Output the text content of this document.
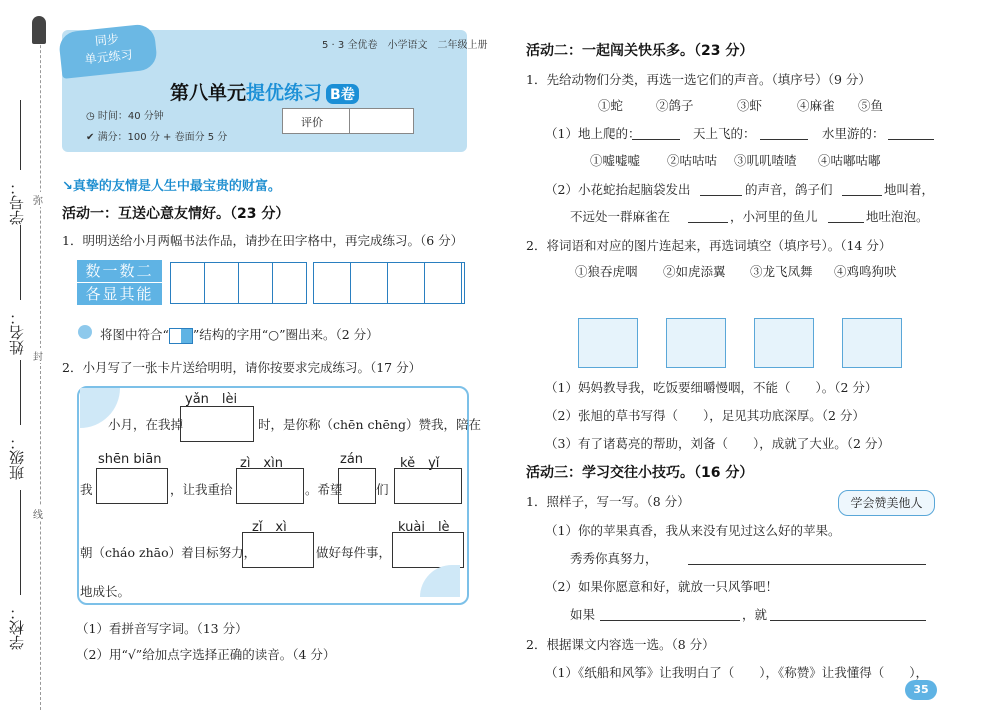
学号：
姓名：
班级：
学校：
弥
封
线
同步
单元练习
5 · 3 全优卷　小学语文　二年级上册
第八单元提优练习 B卷
◷ 时间：40 分钟
✔ 满分：100 分 + 卷面分 5 分
评价
↘真挚的友情是人生中最宝贵的财富。
活动一：互送心意友情好。（23 分）
1．明明送给小月两幅书法作品，请抄在田字格中，再完成练习。（6 分）
数一数二
各显其能
将图中符合“ ”结构的字用“○”圈出来。（2 分）
2．小月写了一张卡片送给明明，请你按要求完成练习。（17 分）
yǎn　lèi
小月，在我掉	时，是你称（chēn chēng）赞我，陪在
shēn biān	zì　xìn	zán	kě　yǐ
我	，让我重拾	。希望	们
zǐ　xì	kuài　lè
朝（cháo zhāo）着目标努力，	做好每件事，
地成长。
（1）看拼音写字词。（13 分）
（2）用“√”给加点字选择正确的读音。（4 分）
活动二：一起闯关快乐多。（23 分）
1．先给动物们分类，再选一选它们的声音。（填序号）（9 分）
①蛇	②鸽子	③虾	④麻雀 ⑤鱼
（1）地上爬的：	天上飞的：	水里游的：
①嘘嘘嘘 ②咕咕咕 ③叽叽喳喳 ④咕嘟咕嘟
（2）小花蛇抬起脑袋发出	的声音，鸽子们	地叫着，
不远处一群麻雀在	，小河里的鱼儿	地吐泡泡。
2．将词语和对应的图片连起来，再选词填空（填序号）。（14 分）
①狼吞虎咽 ②如虎添翼 ③龙飞凤舞 ④鸡鸣狗吠
（1）妈妈教导我，吃饭要细嚼慢咽，不能（　　）。（2 分）
（2）张旭的草书写得（　　），足见其功底深厚。（2 分）
（3）有了诸葛亮的帮助，刘备（　　），成就了大业。（2 分）
活动三：学习交往小技巧。（16 分）
1．照样子，写一写。（8 分）	学会赞美他人
（1）你的苹果真香，我从来没有见过这么好的苹果。
秀秀你真努力，
（2）如果你愿意和好，就放一只风筝吧！
如果	，就
2．根据课文内容选一选。（8 分）
（1）《纸船和风筝》让我明白了（　　），《称赞》让我懂得（　　），
35
